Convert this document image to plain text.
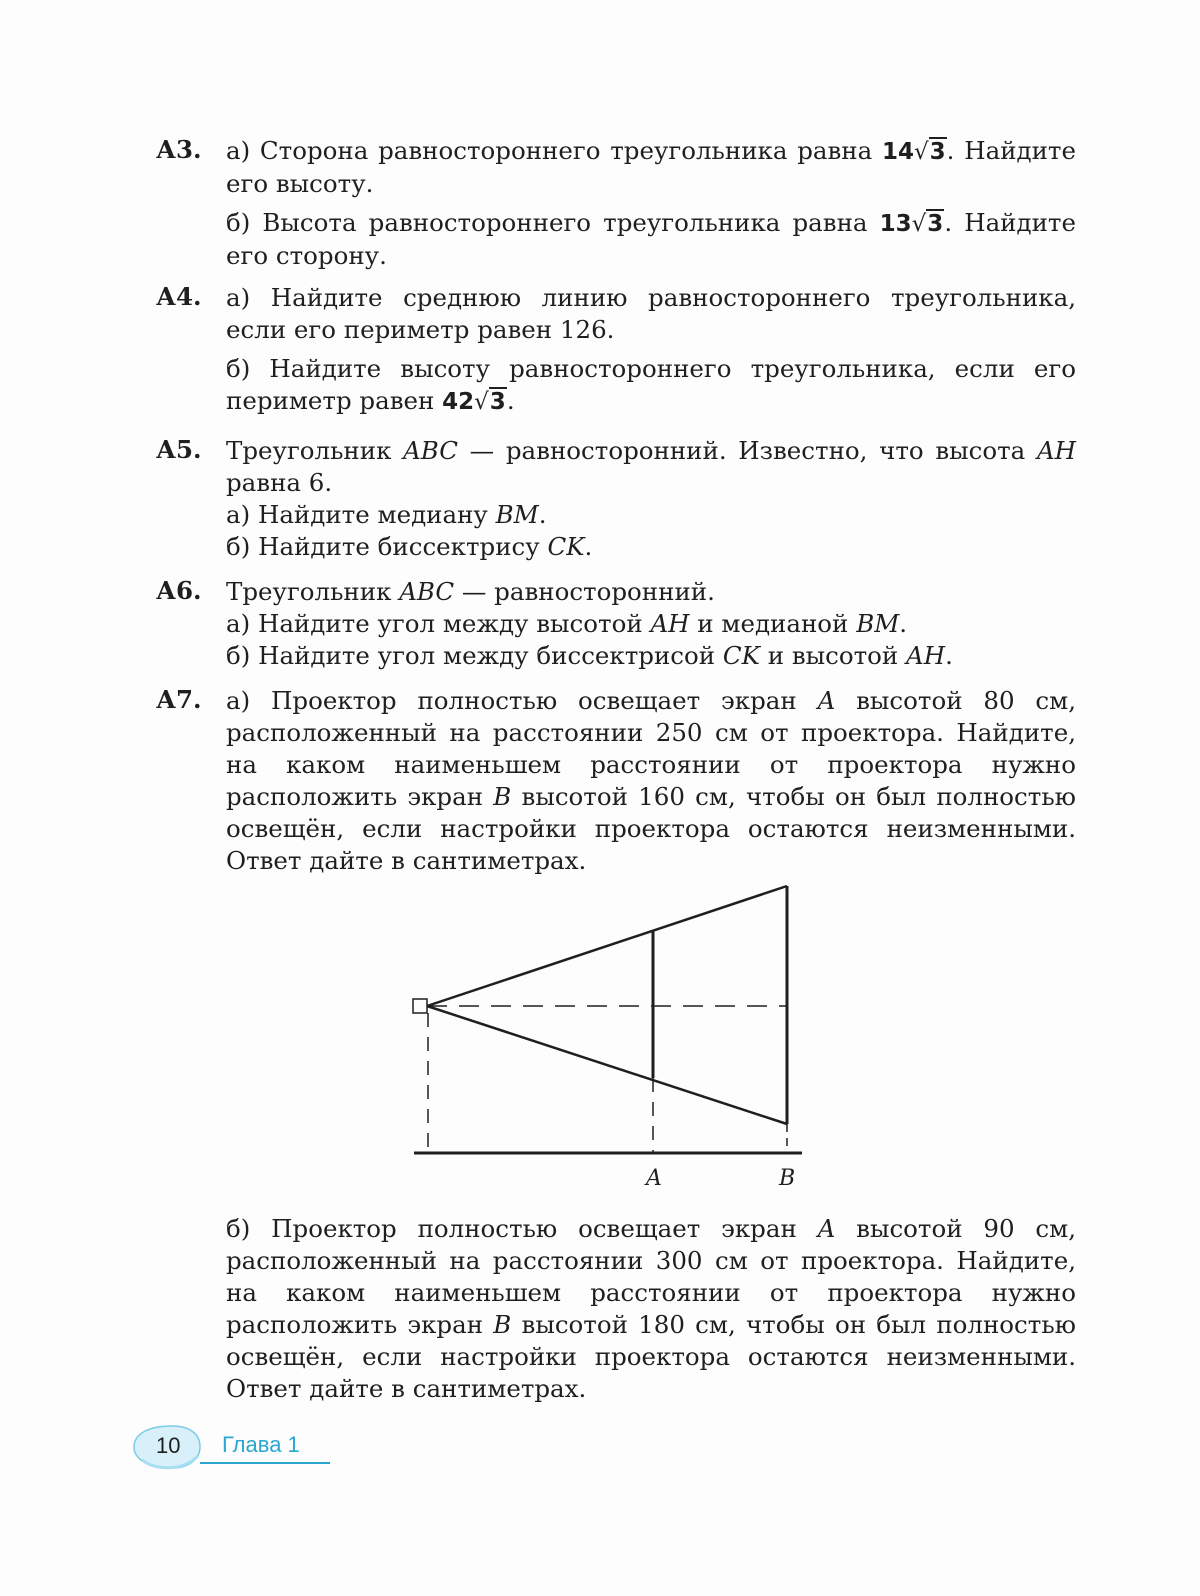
А3. а) Сторона равностороннего треугольника равна 14√3. Найдите его высоту.

б) Высота равностороннего треугольника равна 13√3. Найдите его сторону.

А4. а) Найдите среднюю линию равностороннего треугольника, если его периметр равен 126.

б) Найдите высоту равностороннего треугольника, если его периметр равен 42√3.

А5. Треугольник ABC — равносторонний. Известно, что высота AH равна 6.

а) Найдите медиану BM.

б) Найдите биссектрису CK.

А6. Треугольник ABC — равносторонний.

а) Найдите угол между высотой AH и медианой BM.

б) Найдите угол между биссектрисой CK и высотой AH.

А7. а) Проектор полностью освещает экран A высотой 80 см, расположенный на расстоянии 250 см от проектора. Найдите, на каком наименьшем расстоянии от проектора нужно расположить экран B высотой 160 см, чтобы он был полностью освещён, если настройки проектора остаются неизменными. Ответ дайте в сантиметрах.

A	B

б) Проектор полностью освещает экран A высотой 90 см, расположенный на расстоянии 300 см от проектора. Найдите, на каком наименьшем расстоянии от проектора нужно расположить экран B высотой 180 см, чтобы он был полностью освещён, если настройки проектора остаются неизменными. Ответ дайте в сантиметрах.

10 Глава 1
